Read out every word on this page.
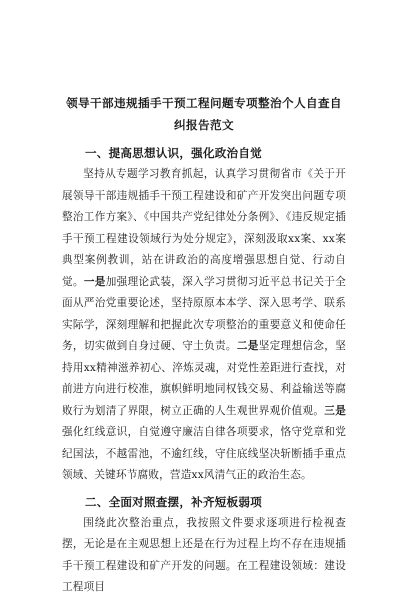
领导干部违规插手干预工程问题专项整治个人自查自纠报告范文
一、提高思想认识，强化政治自觉

坚持从专题学习教育抓起，认真学习贯彻省市《关于开展领导干部违规插手干预工程建设和矿产开发突出问题专项整治工作方案》、《中国共产党纪律处分条例》、《违反规定插手干预工程建设领域行为处分规定》，深刻汲取xx案、xx案典型案例教训，站在讲政治的高度增强思想自觉、行动自觉。一是加强理论武装，深入学习贯彻习近平总书记关于全面从严治党重要论述，坚持原原本本学、深入思考学、联系实际学，深刻理解和把握此次专项整治的重要意义和使命任务，切实做到自身过硬、守土负责。二是坚定理想信念，坚持用xx精神滋养初心、淬炼灵魂，对党性差距进行查找，对前进方向进行校准，旗帜鲜明地同权钱交易、利益输送等腐败行为划清了界限，树立正确的人生观世界观价值观。三是强化红线意识，自觉遵守廉洁自律各项要求，恪守党章和党纪国法，不越雷池，不逾红线，守住底线坚决斩断插手重点领域、关键环节腐败，营造xx风清气正的政治生态。

二、全面对照查摆，补齐短板弱项

围绕此次整治重点，我按照文件要求逐项进行检视查摆，无论是在主观思想上还是在行为过程上均不存在违规插手干预工程建设和矿产开发的问题。在工程建设领域：建设工程项目
